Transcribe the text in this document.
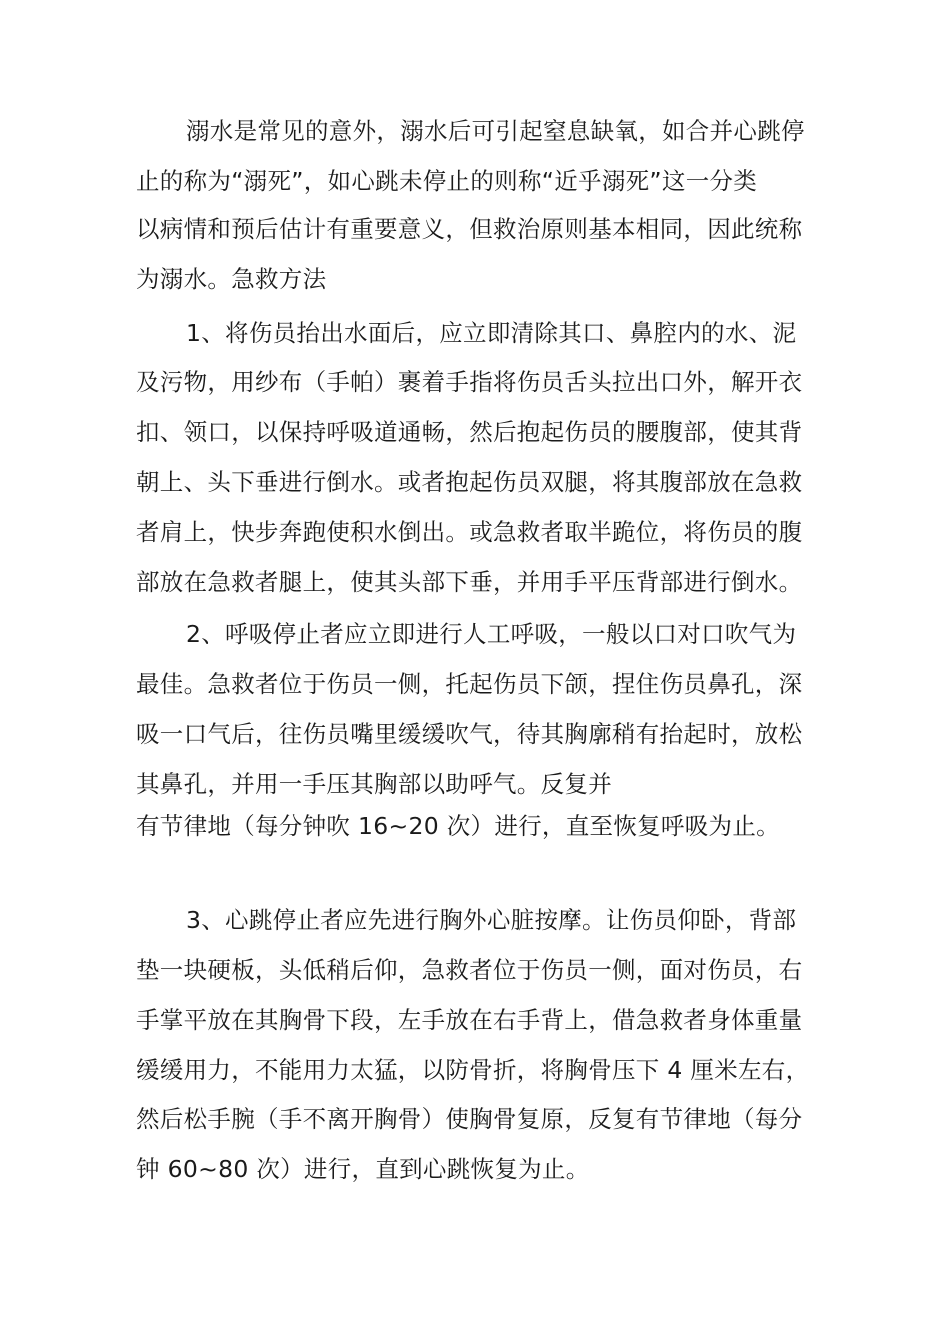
溺水是常见的意外，溺水后可引起窒息缺氧，如合并心跳停
止的称为“溺死”，如心跳未停止的则称“近乎溺死”这一分类
以病情和预后估计有重要意义，但救治原则基本相同，因此统称
为溺水。急救方法
1、将伤员抬出水面后，应立即清除其口、鼻腔内的水、泥
及污物，用纱布（手帕）裹着手指将伤员舌头拉出口外，解开衣
扣、领口，以保持呼吸道通畅，然后抱起伤员的腰腹部，使其背
朝上、头下垂进行倒水。或者抱起伤员双腿，将其腹部放在急救
者肩上，快步奔跑使积水倒出。或急救者取半跪位，将伤员的腹
部放在急救者腿上，使其头部下垂，并用手平压背部进行倒水。
2、呼吸停止者应立即进行人工呼吸，一般以口对口吹气为
最佳。急救者位于伤员一侧，托起伤员下颌，捏住伤员鼻孔，深
吸一口气后，往伤员嘴里缓缓吹气，待其胸廓稍有抬起时，放松
其鼻孔，并用一手压其胸部以助呼气。反复并
有节律地（每分钟吹 16~20 次）进行，直至恢复呼吸为止。
3、心跳停止者应先进行胸外心脏按摩。让伤员仰卧，背部
垫一块硬板，头低稍后仰，急救者位于伤员一侧，面对伤员，右
手掌平放在其胸骨下段，左手放在右手背上，借急救者身体重量
缓缓用力，不能用力太猛，以防骨折，将胸骨压下 4 厘米左右，
然后松手腕（手不离开胸骨）使胸骨复原，反复有节律地（每分
钟 60~80 次）进行，直到心跳恢复为止。
